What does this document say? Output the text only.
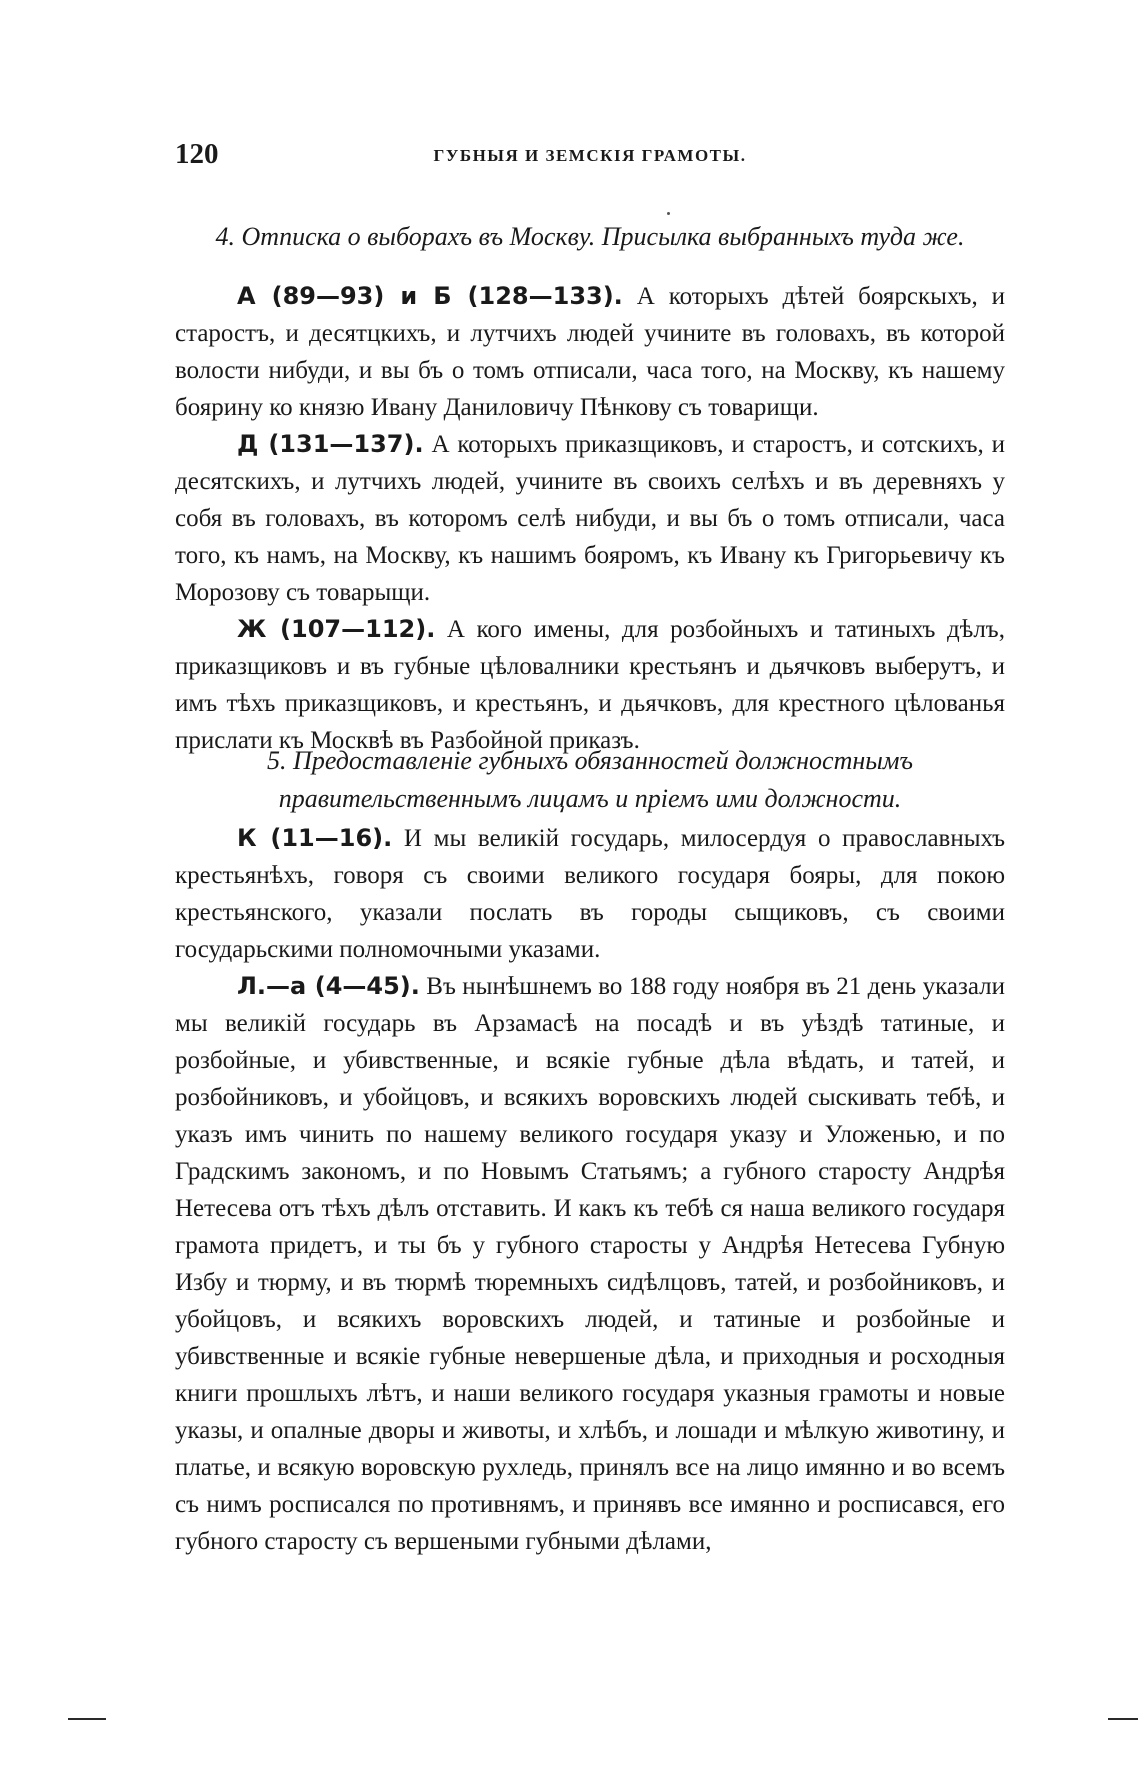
120	ГУБНЫЯ И ЗЕМСКІЯ ГРАМОТЫ.
4. Отписка о выборахъ въ Москву. Присылка выбранныхъ туда же.

А (89—93) и Б (128—133). А которыхъ дѣтей боярскыхъ, и старостъ, и десятцкихъ, и лутчихъ людей учините въ головахъ, въ которой волости нибуди, и вы бъ о томъ отписали, часа того, на Москву, къ нашему боярину ко князю Ивану Даниловичу Пѣнкову съ товарищи.

Д (131—137). А которыхъ приказщиковъ, и старостъ, и сотскихъ, и десятскихъ, и лутчихъ людей, учините въ своихъ селѣхъ и въ деревняхъ у собя въ головахъ, въ которомъ селѣ нибуди, и вы бъ о томъ отписали, часа того, къ намъ, на Москву, къ нашимъ бояромъ, къ Ивану къ Григорьевичу къ Морозову съ товарыщи.

Ж (107—112). А кого имены, для розбойныхъ и татиныхъ дѣлъ, приказщиковъ и въ губные цѣловалники крестьянъ и дьячковъ выберутъ, и имъ тѣхъ приказщиковъ, и крестьянъ, и дьячковъ, для крестного цѣлованья прислати къ Москвѣ въ Разбойной приказъ.

5. Предоставленіе губныхъ обязанностей должностнымъ правительственнымъ лицамъ и пріемъ ими должности.

К (11—16). И мы великій государь, милосердуя о православныхъ крестьянѣхъ, говоря съ своими великого государя бояры, для покою крестьянского, указали послать въ городы сыщиковъ, съ своими государьскими полномочными указами.

Л.—а (4—45). Въ нынѣшнемъ во 188 году ноября въ 21 день указали мы великій государь въ Арзамасѣ на посадѣ и въ уѣздѣ татиные, и розбойные, и убивственные, и всякіе губные дѣла вѣдать, и татей, и розбойниковъ, и убойцовъ, и всякихъ воровскихъ людей сыскивать тебѣ, и указъ имъ чинить по нашему великого государя указу и Уложенью, и по Градскимъ закономъ, и по Новымъ Статьямъ; а губного старосту Андрѣя Нетесева отъ тѣхъ дѣлъ отставить. И какъ къ тебѣ ся наша великого государя грамота придетъ, и ты бъ у губного старосты у Андрѣя Нетесева Губную Избу и тюрму, и въ тюрмѣ тюремныхъ сидѣлцовъ, татей, и розбойниковъ, и убойцовъ, и всякихъ воровскихъ людей, и татиные и розбойные и убивственные и всякіе губные невершеные дѣла, и приходныя и росходныя книги прошлыхъ лѣтъ, и наши великого государя указныя грамоты и новые указы, и опалные дворы и животы, и хлѣбъ, и лошади и мѣлкую животину, и платье, и всякую воровскую рухледь, принялъ все на лицо имянно и во всемъ съ нимъ росписался по противнямъ, и принявъ все имянно и росписався, его губного старосту съ вершеными губными дѣлами,
